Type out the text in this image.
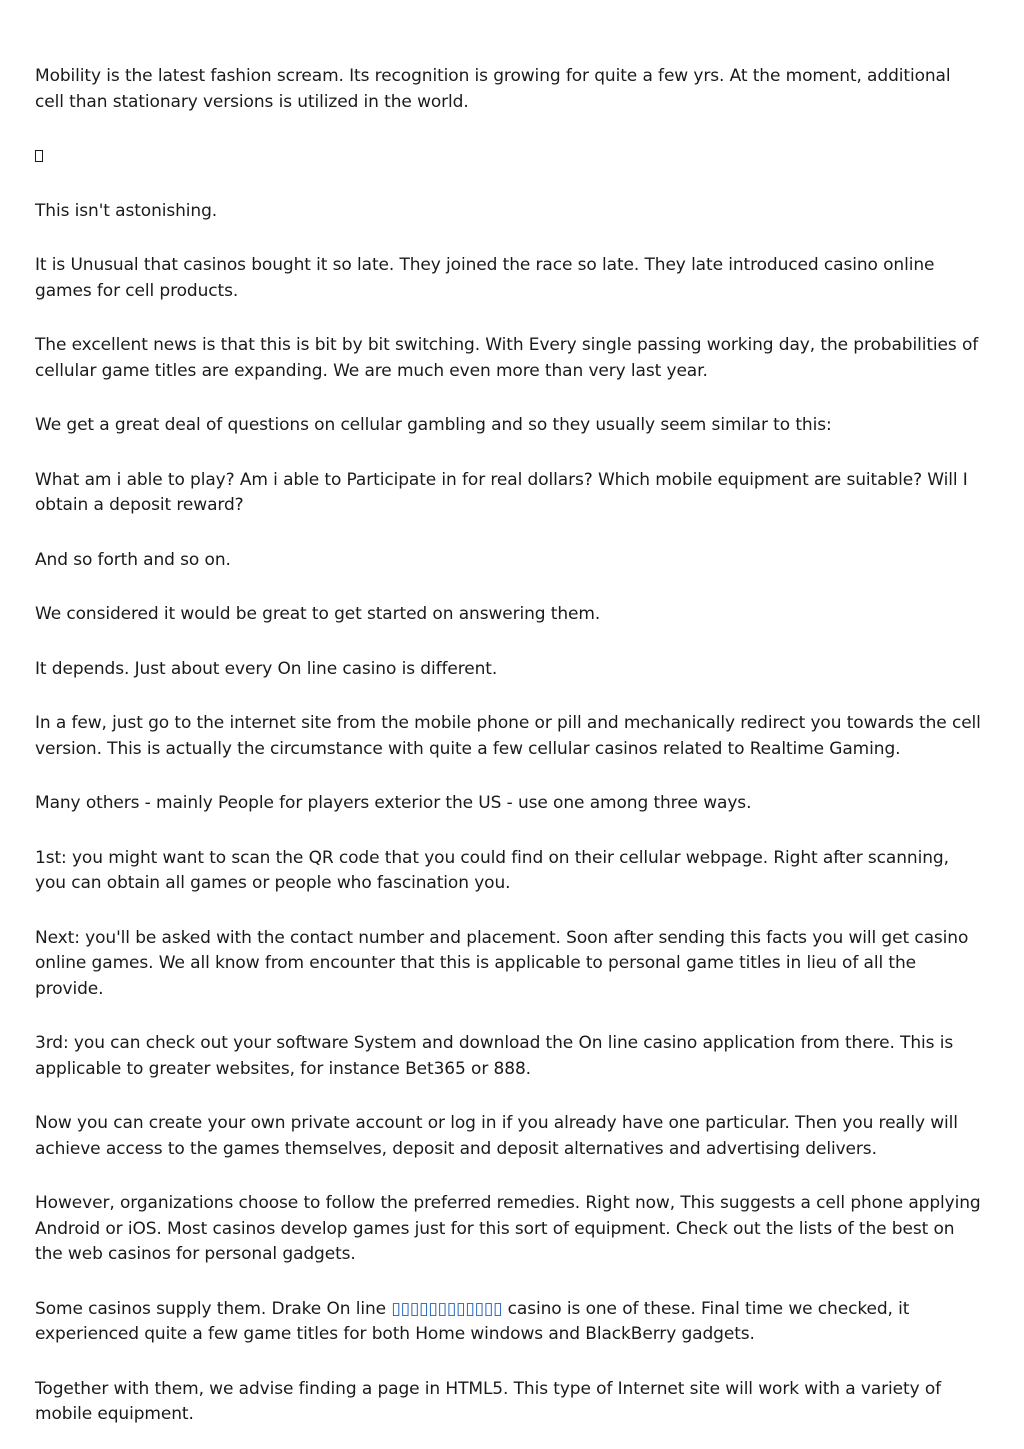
Mobility is the latest fashion scream. Its recognition is growing for quite a few yrs. At the moment, additional cell than stationary versions is utilized in the world.

This isn't astonishing.

It is Unusual that casinos bought it so late. They joined the race so late. They late introduced casino online games for cell products.

The excellent news is that this is bit by bit switching. With Every single passing working day, the probabilities of cellular game titles are expanding. We are much even more than very last year.

We get a great deal of questions on cellular gambling and so they usually seem similar to this:

What am i able to play? Am i able to Participate in for real dollars? Which mobile equipment are suitable? Will I obtain a deposit reward?

And so forth and so on.

We considered it would be great to get started on answering them.

It depends. Just about every On line casino is different.

In a few, just go to the internet site from the mobile phone or pill and mechanically redirect you towards the cell version. This is actually the circumstance with quite a few cellular casinos related to Realtime Gaming.

Many others - mainly People for players exterior the US - use one among three ways.

1st: you might want to scan the QR code that you could find on their cellular webpage. Right after scanning, you can obtain all games or people who fascination you.

Next: you'll be asked with the contact number and placement. Soon after sending this facts you will get casino online games. We all know from encounter that this is applicable to personal game titles in lieu of all the provide.

3rd: you can check out your software System and download the On line casino application from there. This is applicable to greater websites, for instance Bet365 or 888.

Now you can create your own private account or log in if you already have one particular. Then you really will achieve access to the games themselves, deposit and deposit alternatives and advertising delivers.

However, organizations choose to follow the preferred remedies. Right now, This suggests a cell phone applying Android or iOS. Most casinos develop games just for this sort of equipment. Check out the lists of the best on the web casinos for personal gadgets.

Some casinos supply them. Drake On line ▯▯▯▯▯▯▯▯▯▯▯▯ casino is one of these. Final time we checked, it experienced quite a few game titles for both Home windows and BlackBerry gadgets.

Together with them, we advise finding a page in HTML5. This type of Internet site will work with a variety of mobile equipment.
